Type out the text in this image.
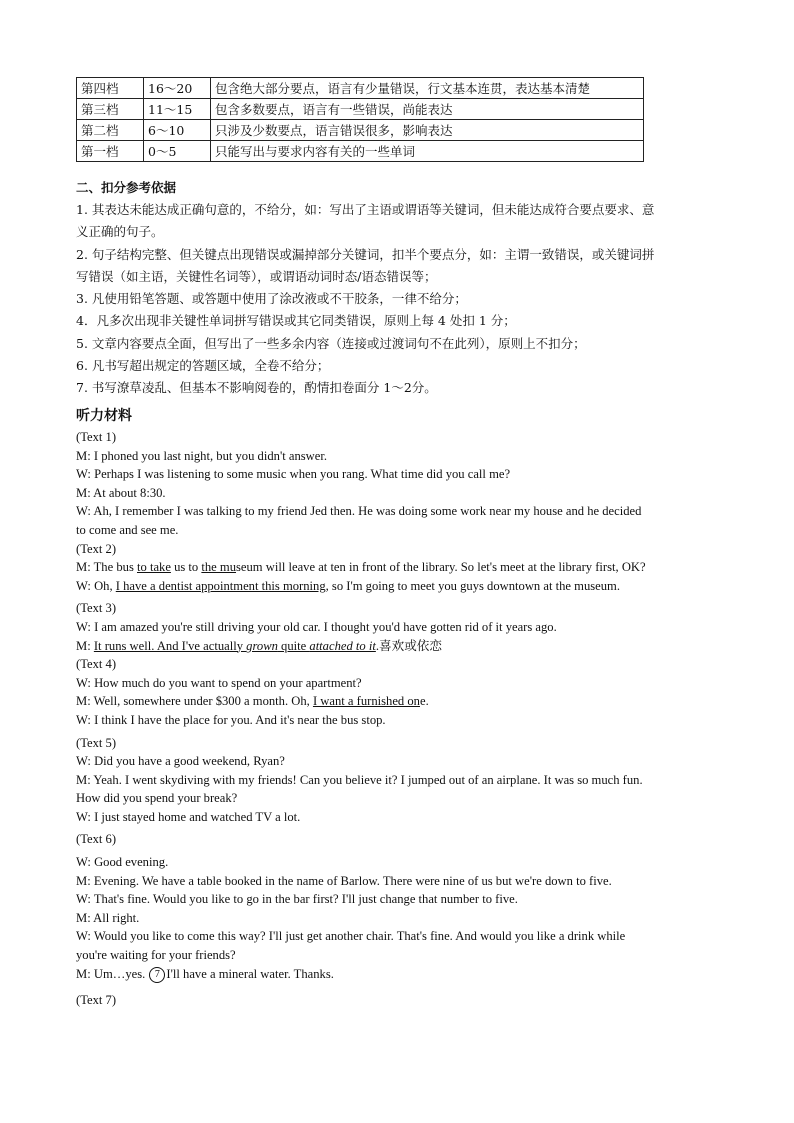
第四档	16～20	包含绝大部分要点，语言有少量错误，行文基本连贯，表达基本清楚
第三档	11～15	包含多数要点，语言有一些错误，尚能表达
第二档	6～10	只涉及少数要点，语言错误很多，影响表达
第一档	0～5	只能写出与要求内容有关的一些单词
二、扣分参考依据
1. 其表达未能达成正确句意的，不给分，如：写出了主语或谓语等关键词，但未能达成符合要点要求、意
义正确的句子。
2. 句子结构完整、但关键点出现错误或漏掉部分关键词，扣半个要点分，如：主谓一致错误，或关键词拼
写错误（如主语，关键性名词等），或谓语动词时态/语态错误等；
3. 凡使用铅笔答题、或答题中使用了涂改液或不干胶条，一律不给分；
4．凡多次出现非关键性单词拼写错误或其它同类错误，原则上每 4 处扣 1 分；
5. 文章内容要点全面，但写出了一些多余内容（连接或过渡词句不在此列），原则上不扣分；
6. 凡书写超出规定的答题区域，全卷不给分；
7. 书写潦草凌乱、但基本不影响阅卷的，酌情扣卷面分 1～2分。
听力材料
(Text 1)
M: I phoned you last night, but you didn't answer.
W: Perhaps I was listening to some music when you rang. What time did you call me?
M: At about 8:30.
W: Ah, I remember I was talking to my friend Jed then. He was doing some work near my house and he decided
to come and see me.
(Text 2)
M: The bus to take us to the museum will leave at ten in front of the library. So let's meet at the library first, OK?
W: Oh, I have a dentist appointment this morning, so I'm going to meet you guys downtown at the museum.
(Text 3)
W: I am amazed you're still driving your old car. I thought you'd have gotten rid of it years ago.
M: It runs well. And I've actually grown quite attached to it.喜欢或依恋
(Text 4)
W: How much do you want to spend on your apartment?
M: Well, somewhere under $300 a month. Oh, I want a furnished one.
W: I think I have the place for you. And it's near the bus stop.
(Text 5)
W: Did you have a good weekend, Ryan?
M: Yeah. I went skydiving with my friends! Can you believe it? I jumped out of an airplane. It was so much fun.
How did you spend your break?
W: I just stayed home and watched TV a lot.
(Text 6)
W: Good evening.
M: Evening. We have a table booked in the name of Barlow. There were nine of us but we're down to five.
W: That's fine. Would you like to go in the bar first? I'll just change that number to five.
M: All right.
W: Would you like to come this way? I'll just get another chair. That's fine. And would you like a drink while
you're waiting for your friends?
M: Um…yes. 7 I'll have a mineral water. Thanks.
(Text 7)
